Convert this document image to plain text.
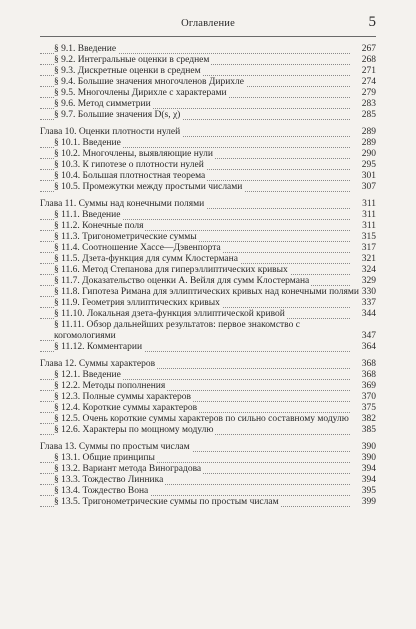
Оглавление	5
§ 9.1. Введение	267
§ 9.2. Интегральные оценки в среднем	268
§ 9.3. Дискретные оценки в среднем	271
§ 9.4. Большие значения многочленов Дирихле	274
§ 9.5. Многочлены Дирихле с характерами	279
§ 9.6. Метод симметрии	283
§ 9.7. Большие значения D(s, χ)	285
Глава 10. Оценки плотности нулей	289
§ 10.1. Введение	289
§ 10.2. Многочлены, выявляющие нули	290
§ 10.3. К гипотезе о плотности нулей	295
§ 10.4. Большая плотностная теорема	301
§ 10.5. Промежутки между простыми числами	307
Глава 11. Суммы над конечными полями	311
§ 11.1. Введение	311
§ 11.2. Конечные поля	311
§ 11.3. Тригонометрические суммы	315
§ 11.4. Соотношение Хассе—Дэвенпорта	317
§ 11.5. Дзета-функция для сумм Клостермана	321
§ 11.6. Метод Степанова для гиперэллиптических кривых	324
§ 11.7. Доказательство оценки А. Вейля для сумм Клостермана	329
§ 11.8. Гипотеза Римана для эллиптических кривых над конечными полями 330
§ 11.9. Геометрия эллиптических кривых	337
§ 11.10. Локальная дзета-функция эллиптической кривой	344
§ 11.11. Обзор дальнейших результатов: первое знакомство с когомологиями	347
§ 11.12. Комментарии	364
Глава 12. Суммы характеров	368
§ 12.1. Введение	368
§ 12.2. Методы пополнения	369
§ 12.3. Полные суммы характеров	370
§ 12.4. Короткие суммы характеров	375
§ 12.5. Очень короткие суммы характеров по сильно составному модулю 382
§ 12.6. Характеры по мощному модулю	385
Глава 13. Суммы по простым числам	390
§ 13.1. Общие принципы	390
§ 13.2. Вариант метода Виноградова	394
§ 13.3. Тождество Линника	394
§ 13.4. Тождество Вона	395
§ 13.5. Тригонометрические суммы по простым числам	399
